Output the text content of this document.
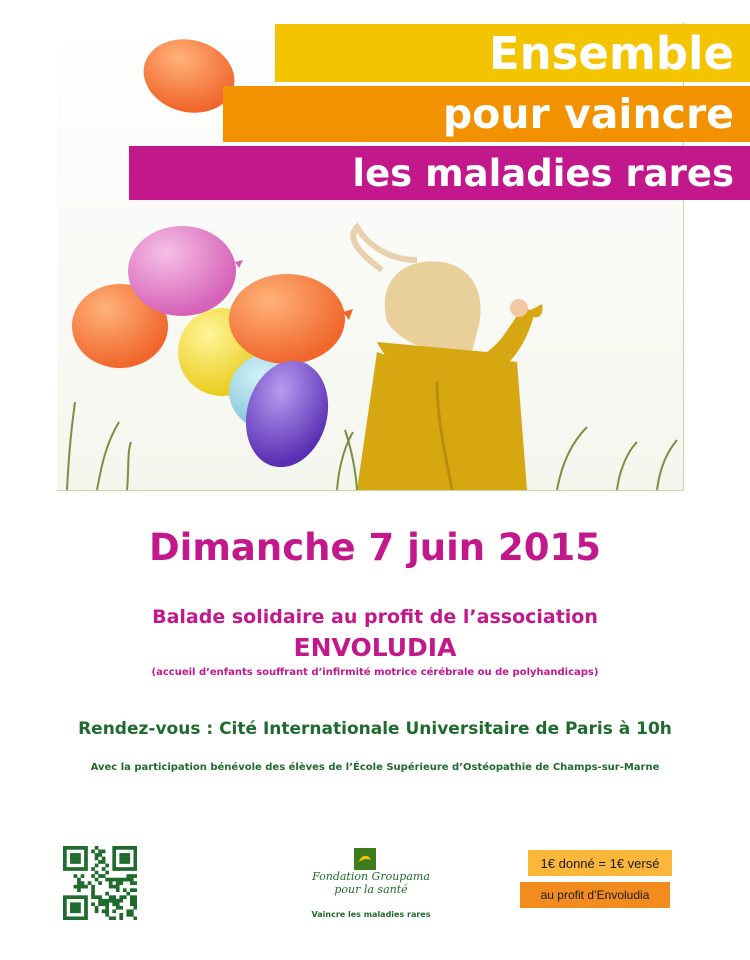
Ensemble
pour vaincre
les maladies rares
Dimanche 7 juin 2015
Balade solidaire au profit de l’association
ENVOLUDIA
(accueil d’enfants souffrant d’infirmité motrice cérébrale ou de polyhandicaps)
Rendez-vous : Cité Internationale Universitaire de Paris à 10h
Avec la participation bénévole des élèves de l’École Supérieure d’Ostéopathie de Champs-sur-Marne
Fondation Groupama
pour la santé
Vaincre les maladies rares
1€ donné = 1€ versé
au profit d’Envoludia
